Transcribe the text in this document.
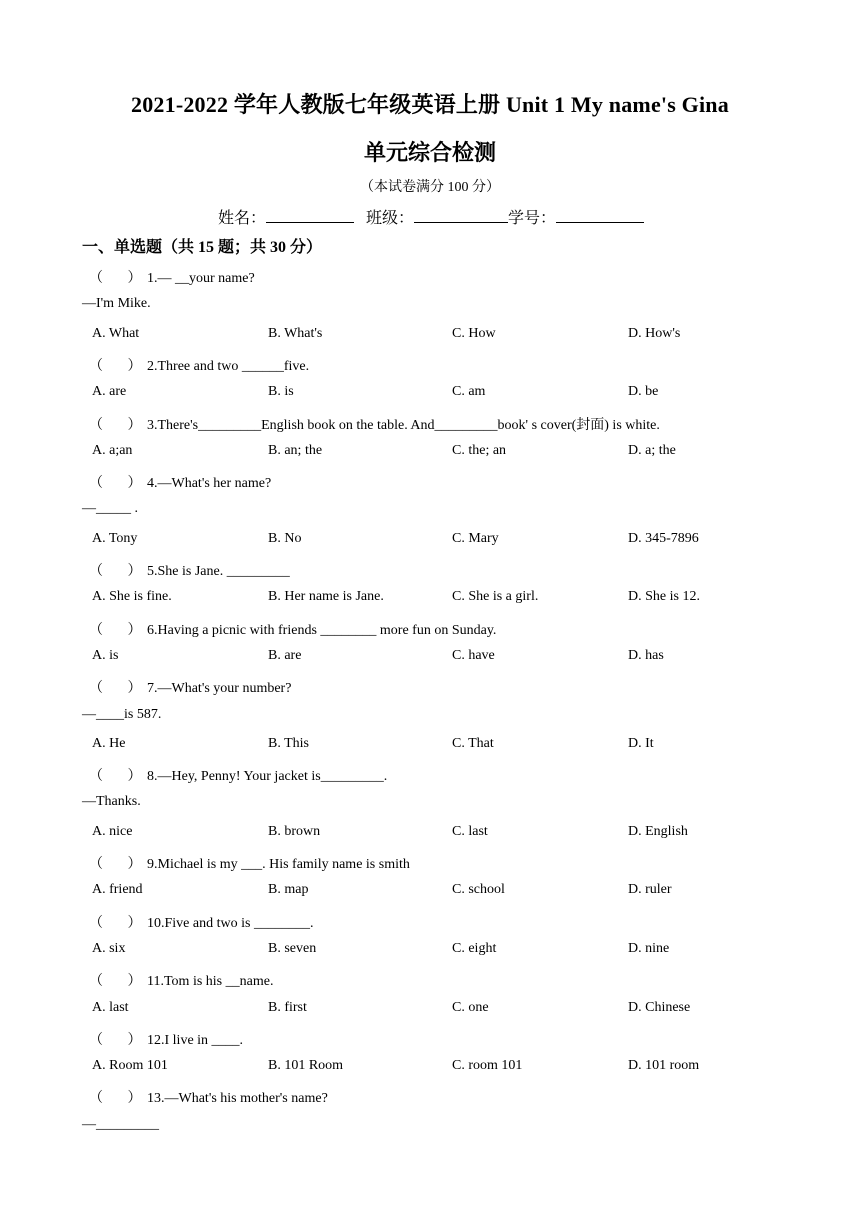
2021-2022 学年人教版七年级英语上册 Unit 1 My name's Gina
单元综合检测
（本试卷满分 100 分）
姓名：	班级：	学号：
一、单选题（共 15 题；共 30 分）
（       ） 1.— __your name?
—I'm Mike.
A. What	B. What's	C. How	D. How's
（       ） 2.Three and two ______five.
A. are	B. is	C. am	D. be
（       ） 3.There's_________English book on the table. And_________book' s cover(封面) is white.
A. a;an	B. an; the	C. the; an	D. a; the
（       ） 4.—What's her name?
—_____ .
A. Tony	B. No	C. Mary	D. 345-7896
（       ） 5.She is Jane. _________
A. She is fine.	B. Her name is Jane.	C. She is a girl.	D. She is 12.
（       ） 6.Having a picnic with friends ________ more fun on Sunday.
A. is	B. are	C. have	D. has
（       ） 7.—What's your number?
—____is 587.
A. He	B. This	C. That	D. It
（       ） 8.—Hey, Penny! Your jacket is_________.
—Thanks.
A. nice	B. brown	C. last	D. English
（       ） 9.Michael is my ___. His family name is smith
A. friend	B. map	C. school	D. ruler
（       ） 10.Five and two is ________.
A. six	B. seven	C. eight	D. nine
（       ） 11.Tom is his __name.
A. last	B. first	C. one	D. Chinese
（       ） 12.I live in ____.
A. Room 101	B. 101 Room	C. room 101	D. 101 room
（       ） 13.—What's his mother's name?
—_________
